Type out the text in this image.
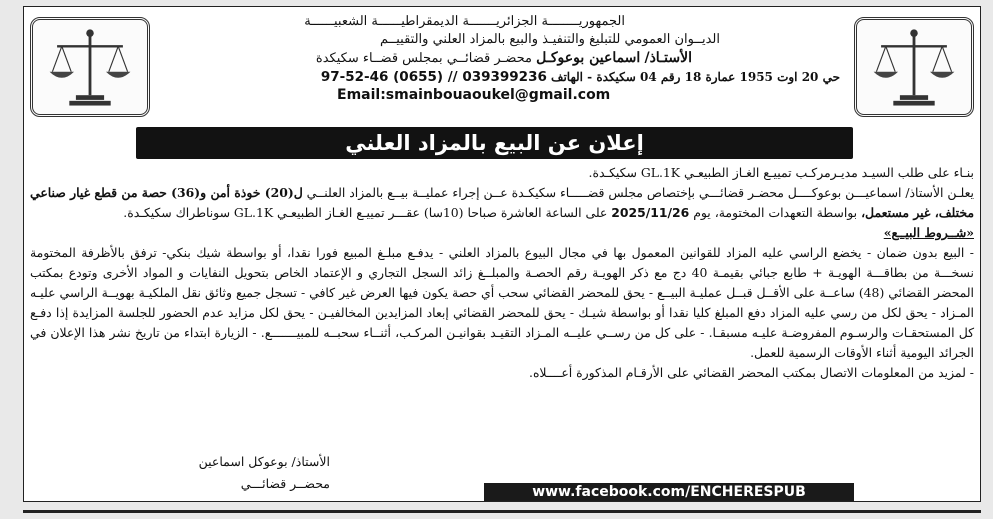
الجمهوريــــــــة الجزائريـــــــة الديمقراطيــــــة الشعبيــــــة
الديــوان العمومي للتبليغ والتنفيـذ والبيع بالمزاد العلني والتقييــم
الأستـاذ/ اسماعين بوعوكـل محضـر قضائــي بمجلس قضــاء سكيكدة
حي 20 اوت 1955 عمارة 18 رقم 04 سكيكدة - الهاتف 97-52-46 (0655) // 039399236
Email:smainbouaoukel@gmail.com
إعلان عن البيع بالمزاد العلني

بنـاء على طلب السيـد مديـرمركـب تمييـع الغـاز الطبيعـي GL.1K سكيكـدة.

يعلـن الأستاذ/ اسماعيـــن بوعوكــــل محضـر قضائـــي بإختصاص مجلس قضـــــاء سكيكـدة عــن إجراء عمليــة بيــع بالمزاد العلنــي ل(20) خوذة أمن و(36) حصة من قطع غيار صناعي مختلف، غير مستعمل، بواسطة التعهدات المختومة، يوم 2025/11/26 على الساعة العاشرة صباحا (10سا) عقـــر تمييـع الغـاز الطبيعـي GL.1K سوناطراك سكيكـدة.

«شــروط البيــع»

- البيع بدون ضمان - يخضع الراسي عليه المزاد للقوانين المعمول بها في مجال البيوع بالمزاد العلني - يدفـع مبلـغ المبيع فورا نقدا، أو بواسطة شيك بنكي- ترفق بالأظرفة المختومة نسخـــة من بطاقـــة الهويـة + طابع جبائي بقيمـة 40 دج مع ذكر الهويـة رقم الحصـة والمبلــغ زائد السجل التجاري و الإعتماد الخاص بتحويل النفايات و المواد الأخرى وتودع بمكتب المحضر القضائي (48) ساعــة على الأقــل قبــل عمليـة البيــع - يحق للمحضر القضائي سحب أي حصة يكون فيها العرض غير كافي - تسجل جميع وثائق نقل الملكيـة بهويــة الراسي عليـه المـزاد - يحق لكل من رسي عليه المزاد دفع المبلغ كليا نقدا أو بواسطة شيـك - يحق للمحضر القضائي إبعاد المزايدين المخالفيـن - يحق لكل مزايد عدم الحضور للجلسة المزايدة إذا دفـع كل المستحقـات والرسـوم المفروضـة عليـه مسبقـا. - على كل من رســي عليــه المـزاد التقيـد بقوانيـن المركـب، أثنــاء سحبــه للمبيـــــــع. - الزيارة ابتداء من تاريخ نشر هذا الإعلان في الجرائد اليومية أثناء الأوقات الرسمية للعمل.

- لمزيد من المعلومات الاتصال بمكتب المحضر القضائي على الأرقـام المذكورة أعــــلاه.

الأستاذ/ بوعوكل اسماعين
محضــر قضائـــي
www.facebook.com/ENCHERESPUB
